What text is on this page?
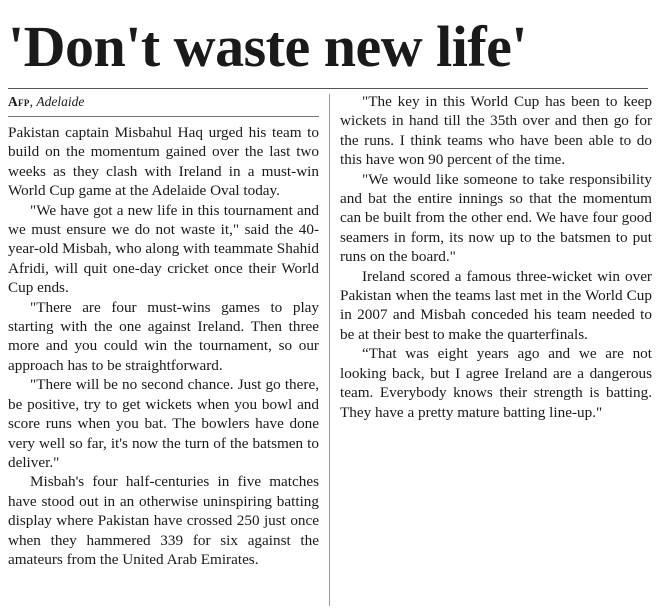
'Don't waste new life'
Afp, Adelaide

Pakistan captain Misbahul Haq urged his team to build on the momentum gained over the last two weeks as they clash with Ireland in a must-win World Cup game at the Adelaide Oval today.

"We have got a new life in this tournament and we must ensure we do not waste it," said the 40-year-old Misbah, who along with teammate Shahid Afridi, will quit one-day cricket once their World Cup ends.

"There are four must-wins games to play starting with the one against Ireland. Then three more and you could win the tournament, so our approach has to be straightforward.

"There will be no second chance. Just go there, be positive, try to get wickets when you bowl and score runs when you bat. The bowlers have done very well so far, it's now the turn of the batsmen to deliver."

Misbah's four half-centuries in five matches have stood out in an otherwise uninspiring batting display where Pakistan have crossed 250 just once when they hammered 339 for six against the amateurs from the United Arab Emirates.

"The key in this World Cup has been to keep wickets in hand till the 35th over and then go for the runs. I think teams who have been able to do this have won 90 percent of the time.

"We would like someone to take responsibility and bat the entire innings so that the momentum can be built from the other end. We have four good seamers in form, its now up to the batsmen to put runs on the board."

Ireland scored a famous three-wicket win over Pakistan when the teams last met in the World Cup in 2007 and Misbah conceded his team needed to be at their best to make the quarterfinals.

“That was eight years ago and we are not looking back, but I agree Ireland are a dangerous team. Everybody knows their strength is batting. They have a pretty mature batting line-up."
